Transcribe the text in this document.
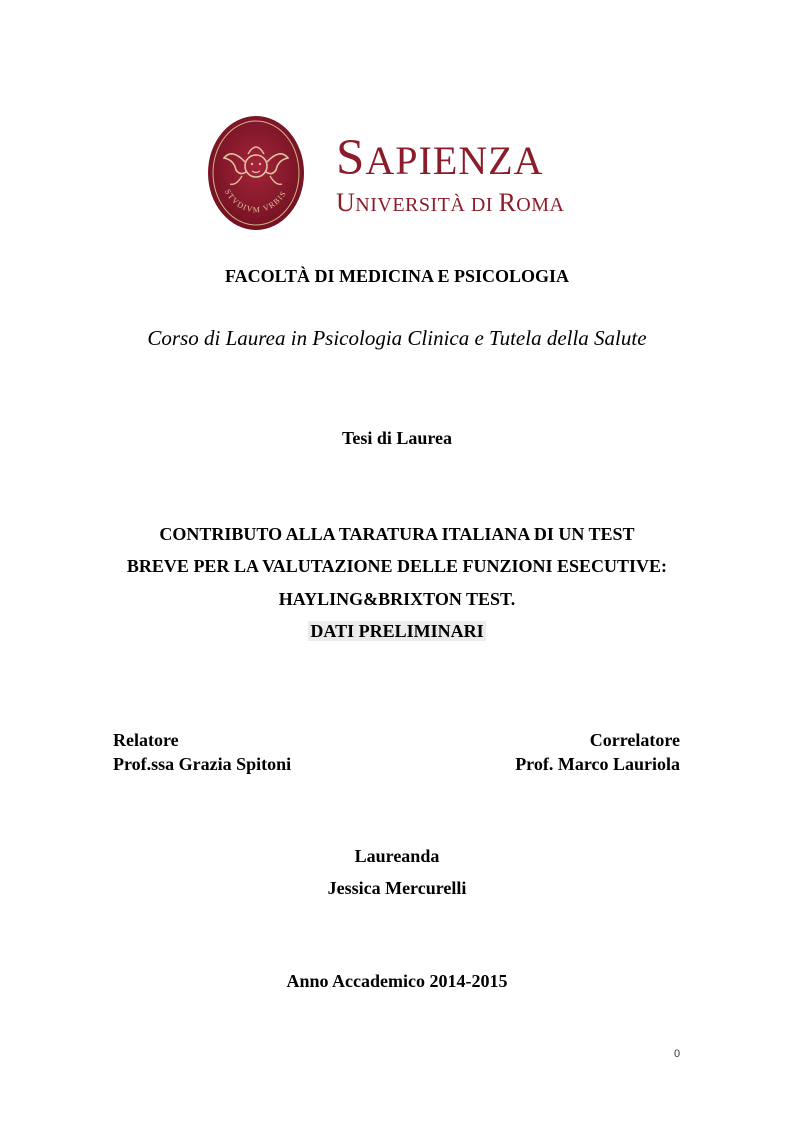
STVDIVM VRBIS
SAPIENZA
UNIVERSITÀ DI ROMA
FACOLTÀ DI MEDICINA E PSICOLOGIA
Corso di Laurea in Psicologia Clinica e Tutela della Salute
Tesi di Laurea
CONTRIBUTO ALLA TARATURA ITALIANA DI UN TEST
BREVE PER LA VALUTAZIONE DELLE FUNZIONI ESECUTIVE:
HAYLING&BRIXTON TEST.
DATI PRELIMINARI
Relatore
Prof.ssa Grazia Spitoni
Correlatore
Prof. Marco Lauriola
Laureanda
Jessica Mercurelli
Anno Accademico 2014-2015
0
